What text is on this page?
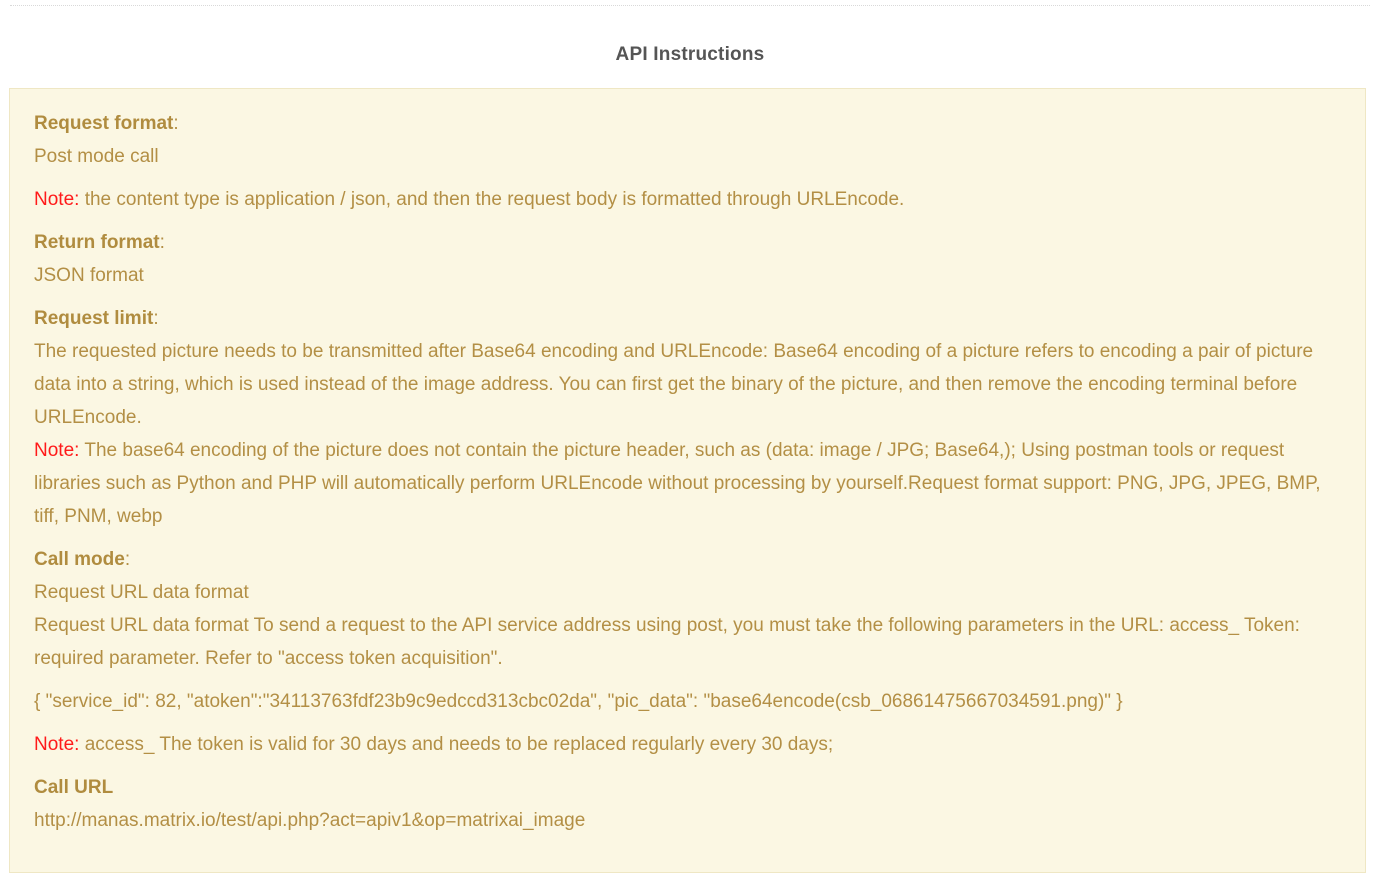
API Instructions

Request format:

Post mode call

Note: the content type is application / json, and then the request body is formatted through URLEncode.

Return format:

JSON format

Request limit:

The requested picture needs to be transmitted after Base64 encoding and URLEncode: Base64 encoding of a picture refers to encoding a pair of picture data into a string, which is used instead of the image address. You can first get the binary of the picture, and then remove the encoding terminal before URLEncode.

Note: The base64 encoding of the picture does not contain the picture header, such as (data: image / JPG; Base64,); Using postman tools or request libraries such as Python and PHP will automatically perform URLEncode without processing by yourself.Request format support: PNG, JPG, JPEG, BMP, tiff, PNM, webp

Call mode:

Request URL data format

Request URL data format To send a request to the API service address using post, you must take the following parameters in the URL: access_ Token: required parameter. Refer to "access token acquisition".

{ "service_id": 82, "atoken":"34113763fdf23b9c9edccd313cbc02da", "pic_data": "base64encode(csb_06861475667034591.png)" }

Note: access_ The token is valid for 30 days and needs to be replaced regularly every 30 days;

Call URL

http://manas.matrix.io/test/api.php?act=apiv1&op=matrixai_image
